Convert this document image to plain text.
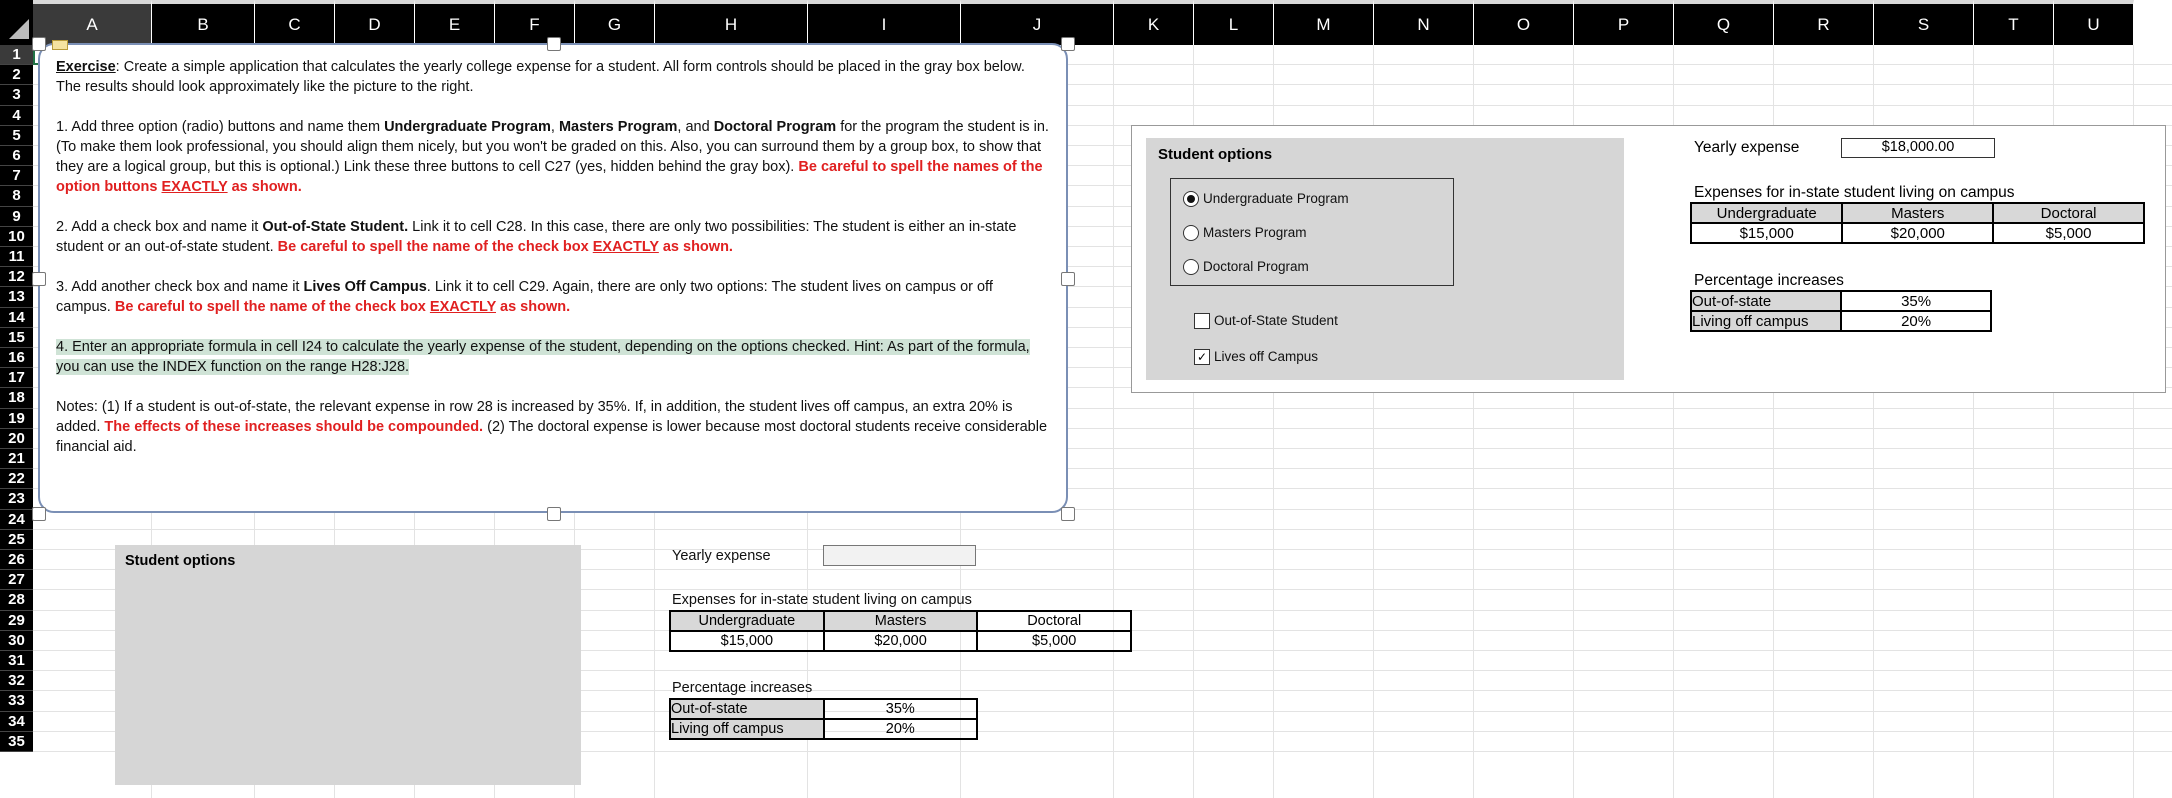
A	B	C	D	E	F	G	H	I	J	K	L	M	N	O	P	Q	R	S	T	U
1
2
3
4
5
6
7
8
9
10
11
12
13
14
15
16
17
18
19
20
21
22
23
24
25
26
27
28
29
30
31
32
33
34
35

Exercise: Create a simple application that calculates the yearly college expense for a student. All form controls should be placed in the gray box below. The results should look approximately like the picture to the right.

1. Add three option (radio) buttons and name them Undergraduate Program, Masters Program, and Doctoral Program for the program the student is in. (To make them look professional, you should align them nicely, but you won't be graded on this. Also, you can surround them by a group box, to show that they are a logical group, but this is optional.) Link these three buttons to cell C27 (yes, hidden behind the gray box). Be careful to spell the names of the option buttons EXACTLY as shown.

2. Add a check box and name it Out-of-State Student. Link it to cell C28. In this case, there are only two possibilities: The student is either an in-state student or an out-of-state student. Be careful to spell the name of the check box EXACTLY as shown.

3. Add another check box and name it Lives Off Campus. Link it to cell C29. Again, there are only two options: The student lives on campus or off campus. Be careful to spell the name of the check box EXACTLY as shown.

4. Enter an appropriate formula in cell I24 to calculate the yearly expense of the student, depending on the options checked. Hint: As part of the formula, you can use the INDEX function on the range H28:J28.

Notes: (1) If a student is out-of-state, the relevant expense in row 28 is increased by 35%. If, in addition, the student lives off campus, an extra 20% is added. The effects of these increases should be compounded. (2) The doctoral expense is lower because most doctoral students receive considerable financial aid.

Student options	Yearly expense
Expenses for in-state student living on campus
Undergraduate	Masters	Doctoral
$15,000	$20,000	$5,000
Percentage increases
Out-of-state	35%
Living off campus	20%
Student options
Undergraduate Program
Masters Program
Doctoral Program
Out-of-State Student
✓ Lives off Campus
Yearly expense	$18,000.00
Expenses for in-state student living on campus
Undergraduate	Masters	Doctoral
$15,000	$20,000	$5,000
Percentage increases
Out-of-state	35%
Living off campus	20%
